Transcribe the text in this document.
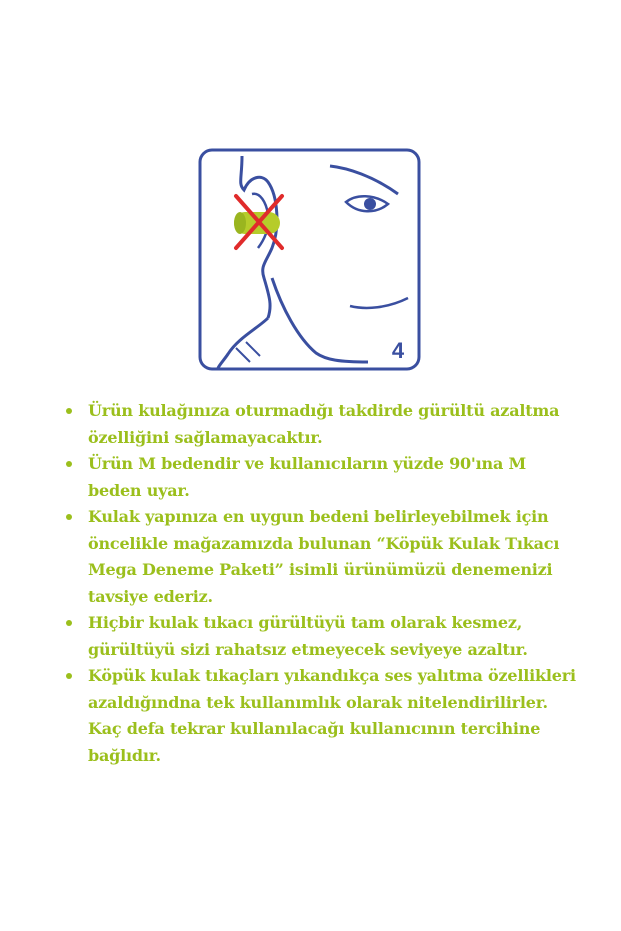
4
Ürün kulağınıza oturmadığı takdirde gürültü azaltma özelliğini sağlamayacaktır.
Ürün M bedendir ve kullanıcıların yüzde 90'ına M beden uyar.
Kulak yapınıza en uygun bedeni belirleyebilmek için öncelikle mağazamızda bulunan “Köpük Kulak Tıkacı Mega Deneme Paketi” isimli ürünümüzü denemenizi tavsiye ederiz.
Hiçbir kulak tıkacı gürültüyü tam olarak kesmez, gürültüyü sizi rahatsız etmeyecek seviyeye azaltır.
Köpük kulak tıkaçları yıkandıkça ses yalıtma özellikleri azaldığındna tek kullanımlık olarak nitelendirilirler. Kaç defa tekrar kullanılacağı kullanıcının tercihine bağlıdır.
